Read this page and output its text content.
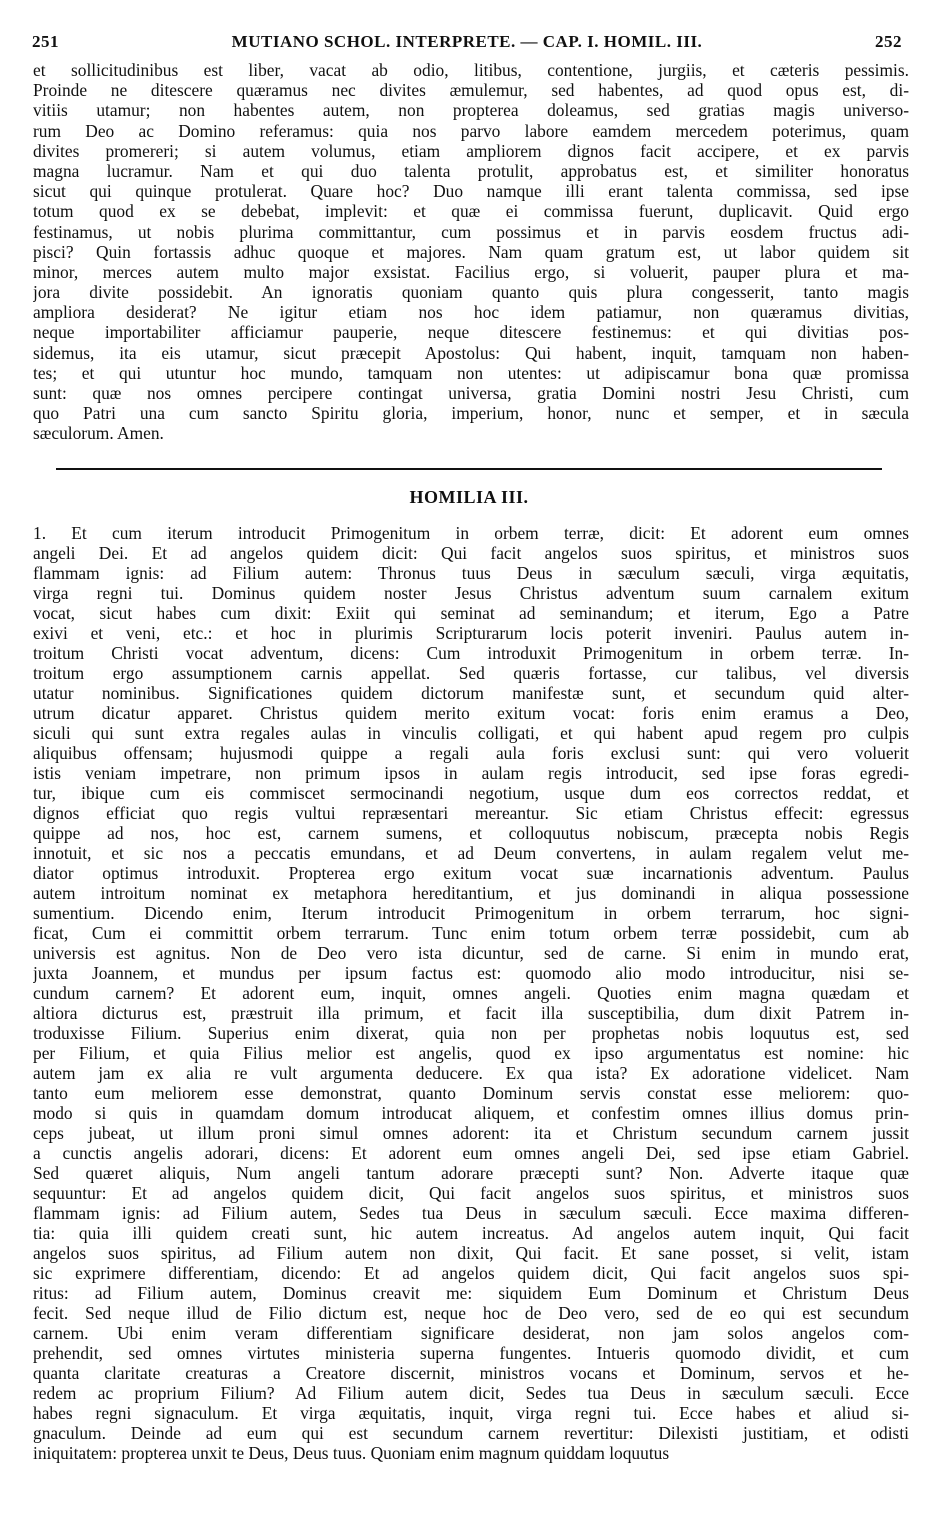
251	MUTIANO SCHOL. INTERPRETE. — CAP. I. HOMIL. III.	252
et sollicitudinibus est liber, vacat ab odio, litibus, contentione, jurgiis, et cæteris pessimis.
Proinde ne ditescere quæramus nec divites æmulemur, sed habentes, ad quod opus est, di-
vitiis utamur; non habentes autem, non propterea doleamus, sed gratias magis universo-
rum Deo ac Domino referamus: quia nos parvo labore eamdem mercedem poterimus, quam
divites promereri; si autem volumus, etiam ampliorem dignos facit accipere, et ex parvis
magna lucramur. Nam et qui duo talenta protulit, approbatus est, et similiter honoratus
sicut qui quinque protulerat. Quare hoc? Duo namque illi erant talenta commissa, sed ipse
totum quod ex se debebat, implevit: et quæ ei commissa fuerunt, duplicavit. Quid ergo
festinamus, ut nobis plurima committantur, cum possimus et in parvis eosdem fructus adi-
pisci? Quin fortassis adhuc quoque et majores. Nam quam gratum est, ut labor quidem sit
minor, merces autem multo major exsistat. Facilius ergo, si voluerit, pauper plura et ma-
jora divite possidebit. An ignoratis quoniam quanto quis plura congesserit, tanto magis
ampliora desiderat? Ne igitur etiam nos hoc idem patiamur, non quæramus divitias,
neque importabiliter afficiamur pauperie, neque ditescere festinemus: et qui divitias pos-
sidemus, ita eis utamur, sicut præcepit Apostolus: Qui habent, inquit, tamquam non haben-
tes; et qui utuntur hoc mundo, tamquam non utentes: ut adipiscamur bona quæ promissa
sunt: quæ nos omnes percipere contingat universa, gratia Domini nostri Jesu Christi, cum
quo Patri una cum sancto Spiritu gloria, imperium, honor, nunc et semper, et in sæcula
sæculorum. Amen.
HOMILIA III.
1. Et cum iterum introducit Primogenitum in orbem terræ, dicit: Et adorent eum omnes
angeli Dei. Et ad angelos quidem dicit: Qui facit angelos suos spiritus, et ministros suos
flammam ignis: ad Filium autem: Thronus tuus Deus in sæculum sæculi, virga æquitatis,
virga regni tui. Dominus quidem noster Jesus Christus adventum suum carnalem exitum
vocat, sicut habes cum dixit: Exiit qui seminat ad seminandum; et iterum, Ego a Patre
exivi et veni, etc.: et hoc in plurimis Scripturarum locis poterit inveniri. Paulus autem in-
troitum Christi vocat adventum, dicens: Cum introduxit Primogenitum in orbem terræ. In-
troitum ergo assumptionem carnis appellat. Sed quæris fortasse, cur talibus, vel diversis
utatur nominibus. Significationes quidem dictorum manifestæ sunt, et secundum quid alter-
utrum dicatur apparet. Christus quidem merito exitum vocat: foris enim eramus a Deo,
siculi qui sunt extra regales aulas in vinculis colligati, et qui habent apud regem pro culpis
aliquibus offensam; hujusmodi quippe a regali aula foris exclusi sunt: qui vero voluerit
istis veniam impetrare, non primum ipsos in aulam regis introducit, sed ipse foras egredi-
tur, ibique cum eis commiscet sermocinandi negotium, usque dum eos correctos reddat, et
dignos efficiat quo regis vultui repræsentari mereantur. Sic etiam Christus effecit: egressus
quippe ad nos, hoc est, carnem sumens, et colloquutus nobiscum, præcepta nobis Regis
innotuit, et sic nos a peccatis emundans, et ad Deum convertens, in aulam regalem velut me-
diator optimus introduxit. Propterea ergo exitum vocat suæ incarnationis adventum. Paulus
autem introitum nominat ex metaphora hereditantium, et jus dominandi in aliqua possessione
sumentium. Dicendo enim, Iterum introducit Primogenitum in orbem terrarum, hoc signi-
ficat, Cum ei committit orbem terrarum. Tunc enim totum orbem terræ possidebit, cum ab
universis est agnitus. Non de Deo vero ista dicuntur, sed de carne. Si enim in mundo erat,
juxta Joannem, et mundus per ipsum factus est: quomodo alio modo introducitur, nisi se-
cundum carnem? Et adorent eum, inquit, omnes angeli. Quoties enim magna quædam et
altiora dicturus est, præstruit illa primum, et facit illa susceptibilia, dum dixit Patrem in-
troduxisse Filium. Superius enim dixerat, quia non per prophetas nobis loquutus est, sed
per Filium, et quia Filius melior est angelis, quod ex ipso argumentatus est nomine: hic
autem jam ex alia re vult argumenta deducere. Ex qua ista? Ex adoratione videlicet. Nam
tanto eum meliorem esse demonstrat, quanto Dominum servis constat esse meliorem: quo-
modo si quis in quamdam domum introducat aliquem, et confestim omnes illius domus prin-
ceps jubeat, ut illum proni simul omnes adorent: ita et Christum secundum carnem jussit
a cunctis angelis adorari, dicens: Et adorent eum omnes angeli Dei, sed ipse etiam Gabriel.
Sed quæret aliquis, Num angeli tantum adorare præcepti sunt? Non. Adverte itaque quæ
sequuntur: Et ad angelos quidem dicit, Qui facit angelos suos spiritus, et ministros suos
flammam ignis: ad Filium autem, Sedes tua Deus in sæculum sæculi. Ecce maxima differen-
tia: quia illi quidem creati sunt, hic autem increatus. Ad angelos autem inquit, Qui facit
angelos suos spiritus, ad Filium autem non dixit, Qui facit. Et sane posset, si velit, istam
sic exprimere differentiam, dicendo: Et ad angelos quidem dicit, Qui facit angelos suos spi-
ritus: ad Filium autem, Dominus creavit me: siquidem Eum Dominum et Christum Deus
fecit. Sed neque illud de Filio dictum est, neque hoc de Deo vero, sed de eo qui est secundum
carnem. Ubi enim veram differentiam significare desiderat, non jam solos angelos com-
prehendit, sed omnes virtutes ministeria superna fungentes. Intueris quomodo dividit, et cum
quanta claritate creaturas a Creatore discernit, ministros vocans et Dominum, servos et he-
redem ac proprium Filium? Ad Filium autem dicit, Sedes tua Deus in sæculum sæculi. Ecce
habes regni signaculum. Et virga æquitatis, inquit, virga regni tui. Ecce habes et aliud si-
gnaculum. Deinde ad eum qui est secundum carnem revertitur: Dilexisti justitiam, et odisti
iniquitatem: propterea unxit te Deus, Deus tuus. Quoniam enim magnum quiddam loquutus
